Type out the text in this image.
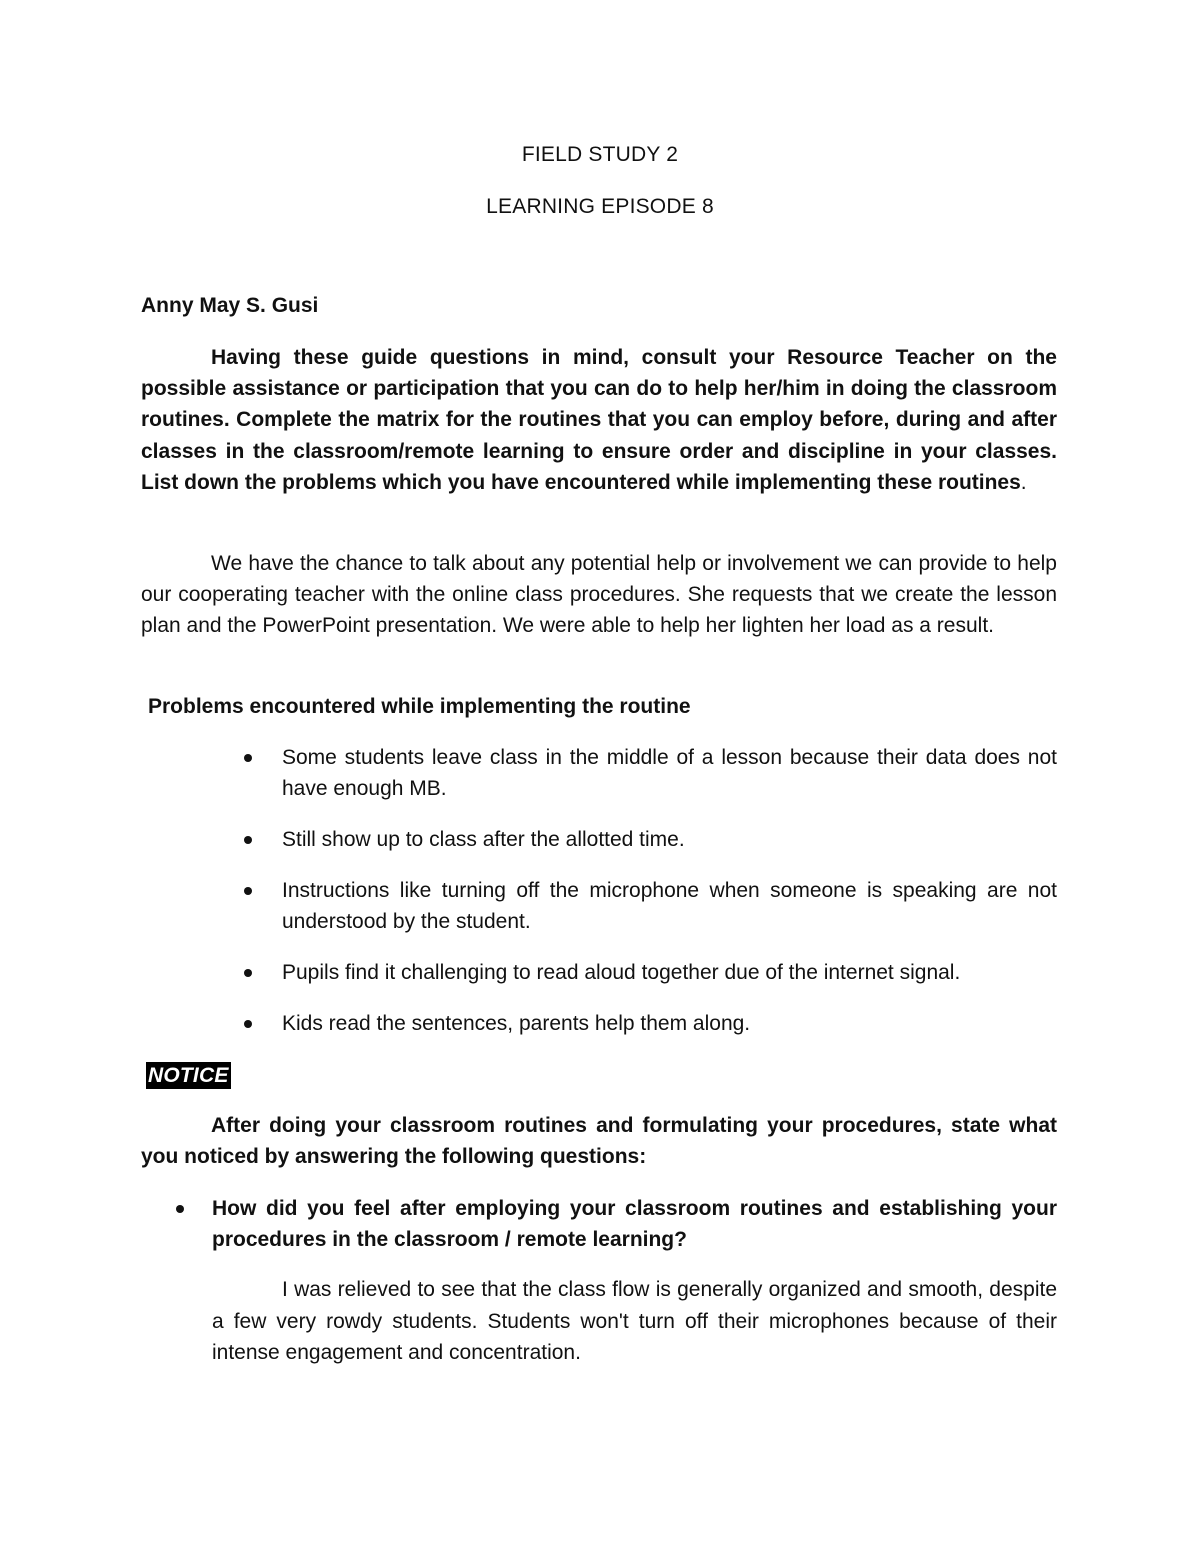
FIELD STUDY 2
LEARNING EPISODE 8
Anny May S. Gusi

Having these guide questions in mind, consult your Resource Teacher on the possible assistance or participation that you can do to help her/him in doing the classroom routines. Complete the matrix for the routines that you can employ before, during and after classes in the classroom/remote learning to ensure order and discipline in your classes. List down the problems which you have encountered while implementing these routines.

We have the chance to talk about any potential help or involvement we can provide to help our cooperating teacher with the online class procedures. She requests that we create the lesson plan and the PowerPoint presentation. We were able to help her lighten her load as a result.

Problems encountered while implementing the routine
Some students leave class in the middle of a lesson because their data does not have enough MB.
Still show up to class after the allotted time.
Instructions like turning off the microphone when someone is speaking are not understood by the student.
Pupils find it challenging to read aloud together due of the internet signal.
Kids read the sentences, parents help them along.
NOTICE

After doing your classroom routines and formulating your procedures, state what you noticed by answering the following questions:

How did you feel after employing your classroom routines and establishing your procedures in the classroom / remote learning?

I was relieved to see that the class flow is generally organized and smooth, despite a few very rowdy students. Students won't turn off their microphones because of their intense engagement and concentration.
